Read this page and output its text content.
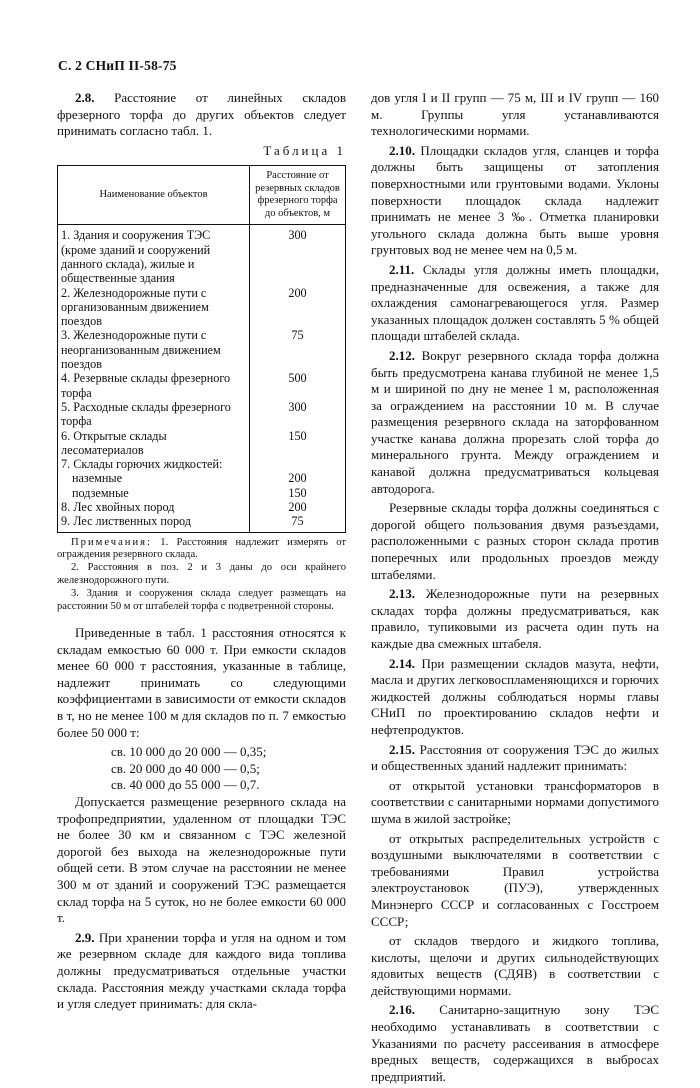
С. 2 СНиП II-58-75

2.8. Расстояние от линейных складов фрезерного торфа до других объектов следует принимать согласно табл. 1.

Таблица 1
Наименование объектов	Расстояние от резервных складов фрезерного торфа до объектов, м
1. Здания и сооружения ТЭС (кроме зданий и сооружений данного склада), жилые и общественные здания	300
2. Железнодорожные пути с организованным движением поездов	200
3. Железнодорожные пути с неорганизованным движением поездов	75
4. Резервные склады фрезерного торфа	500
5. Расходные склады фрезерного торфа	300
6. Открытые склады лесоматериалов	150
7. Склады горючих жидкостей:	
наземные	200
подземные	150
8. Лес хвойных пород	200
9. Лес лиственных пород	75

Примечания: 1. Расстояния надлежит измерять от ограждения резервного склада.

2. Расстояния в поз. 2 и 3 даны до оси крайнего железнодорожного пути.

3. Здания и сооружения склада следует размещать на расстоянии 50 м от штабелей торфа с подветренной стороны.

Приведенные в табл. 1 расстояния относятся к складам емкостью 60 000 т. При емкости складов менее 60 000 т расстояния, указанные в таблице, надлежит принимать со следующими коэффициентами в зависимости от емкости складов в т, но не менее 100 м для складов по п. 7 емкостью более 50 000 т:

св. 10 000 до 20 000 — 0,35;
св. 20 000 до 40 000 — 0,5;
св. 40 000 до 55 000 — 0,7.

Допускается размещение резервного склада на трофопредприятии, удаленном от площадки ТЭС не более 30 км и связанном с ТЭС железной дорогой без выхода на железнодорожные пути общей сети. В этом случае на расстоянии не менее 300 м от зданий и сооружений ТЭС размещается склад торфа на 5 суток, но не более емкости 60 000 т.

2.9. При хранении торфа и угля на одном и том же резервном складе для каждого вида топлива должны предусматриваться отдельные участки склада. Расстояния между участками склада торфа и угля следует принимать: для скла-

дов угля I и II групп — 75 м, III и IV групп — 160 м. Группы угля устанавливаются технологическими нормами.

2.10. Площадки складов угля, сланцев и торфа должны быть защищены от затопления поверхностными или грунтовыми водами. Уклоны поверхности площадок склада надлежит принимать не менее 3 ‰. Отметка планировки угольного склада должна быть выше уровня грунтовых вод не менее чем на 0,5 м.

2.11. Склады угля должны иметь площадки, предназначенные для освежения, а также для охлаждения самонагревающегося угля. Размер указанных площадок должен составлять 5 % общей площади штабелей склада.

2.12. Вокруг резервного склада торфа должна быть предусмотрена канава глубиной не менее 1,5 м и шириной по дну не менее 1 м, расположенная за ограждением на расстоянии 10 м. В случае размещения резервного склада на заторфованном участке канава должна прорезать слой торфа до минерального грунта. Между ограждением и канавой должна предусматриваться кольцевая автодорога.

Резервные склады торфа должны соединяться с дорогой общего пользования двумя разъездами, расположенными с разных сторон склада против поперечных или продольных проездов между штабелями.

2.13. Железнодорожные пути на резервных складах торфа должны предусматриваться, как правило, тупиковыми из расчета один путь на каждые два смежных штабеля.

2.14. При размещении складов мазута, нефти, масла и других легковоспламеняющихся и горючих жидкостей должны соблюдаться нормы главы СНиП по проектированию складов нефти и нефтепродуктов.

2.15. Расстояния от сооружения ТЭС до жилых и общественных зданий надлежит принимать:

от открытой установки трансформаторов в соответствии с санитарными нормами допустимого шума в жилой застройке;

от открытых распределительных устройств с воздушными выключателями в соответствии с требованиями Правил устройства электроустановок (ПУЭ), утвержденных Минэнерго СССР и согласованных с Госстроем СССР;

от складов твердого и жидкого топлива, кислоты, щелочи и других сильнодействующих ядовитых веществ (СДЯВ) в соответствии с действующими нормами.

2.16. Санитарно-защитную зону ТЭС необходимо устанавливать в соответствии с Указаниями по расчету рассеивания в атмосфере вредных веществ, содержащихся в выбросах предприятий.
